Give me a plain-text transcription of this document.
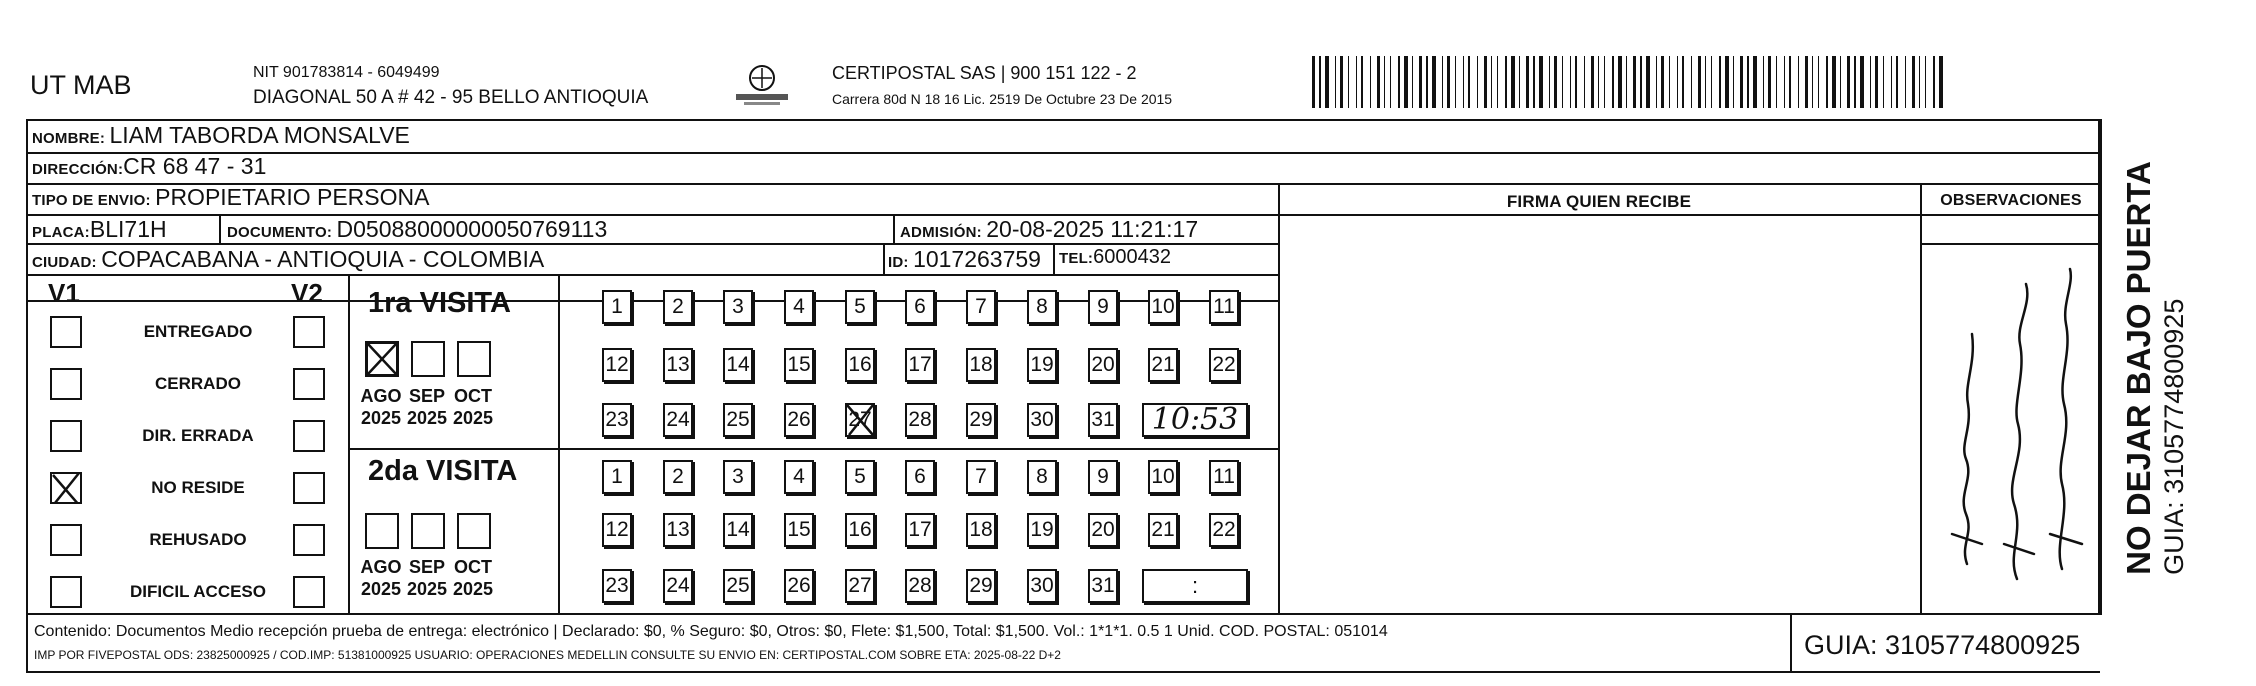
UT MAB	NIT 901783814 - 6049499
DIAGONAL 50 A # 42 - 95 BELLO ANTIOQUIA
CERTIPOSTAL SAS | 900 151 122 - 2
Carrera 80d N 18 16 Lic. 2519 De Octubre 23 De 2015
NOMBRE: LIAM TABORDA MONSALVE
DIRECCIÓN:CR 68 47 - 31
TIPO DE ENVIO: PROPIETARIO PERSONA	FIRMA QUIEN RECIBE	OBSERVACIONES
PLACA:BLI71H	DOCUMENTO: D05088000000050769113	ADMISIÓN: 20-08-2025 11:21:17
CIUDAD: COPACABANA - ANTIOQUIA - COLOMBIA	ID: 1017263759 TEL:6000432
V1	V2
ENTREGADO
CERRADO
DIR. ERRADA
NO RESIDE
REHUSADO
DIFICIL ACCESO
1ra VISITA
2da VISITA
AGO
2025
SEP
2025
OCT
2025
AGO
2025
SEP
2025
OCT
2025
1	2	3	4	5	6	7	8	9	10 11
12 13 14 15 16 17 18 19 20 21 22
23 24 25 26 27 28 29 30 31	10:53
1	2	3	4	5	6	7	8	9	10 11
12 13 14 15 16 17 18 19 20 21 22
23 24 25 26 27 28 29 30 31	:
Dos cono ciolo	NO DEJAR BAJO PUERTA GUIA: 3105774800925
Contenido: Documentos Medio recepción prueba de entrega: electrónico | Declarado: $0, % Seguro: $0, Otros: $0, Flete: $1,500, Total: $1,500. Vol.: 1*1*1. 0.5 1 Unid. COD. POSTAL: 051014
IMP POR FIVEPOSTAL ODS: 23825000925 / COD.IMP: 51381000925 USUARIO: OPERACIONES MEDELLIN CONSULTE SU ENVIO EN: CERTIPOSTAL.COM SOBRE ETA: 2025-08-22 D+2	GUIA: 3105774800925
